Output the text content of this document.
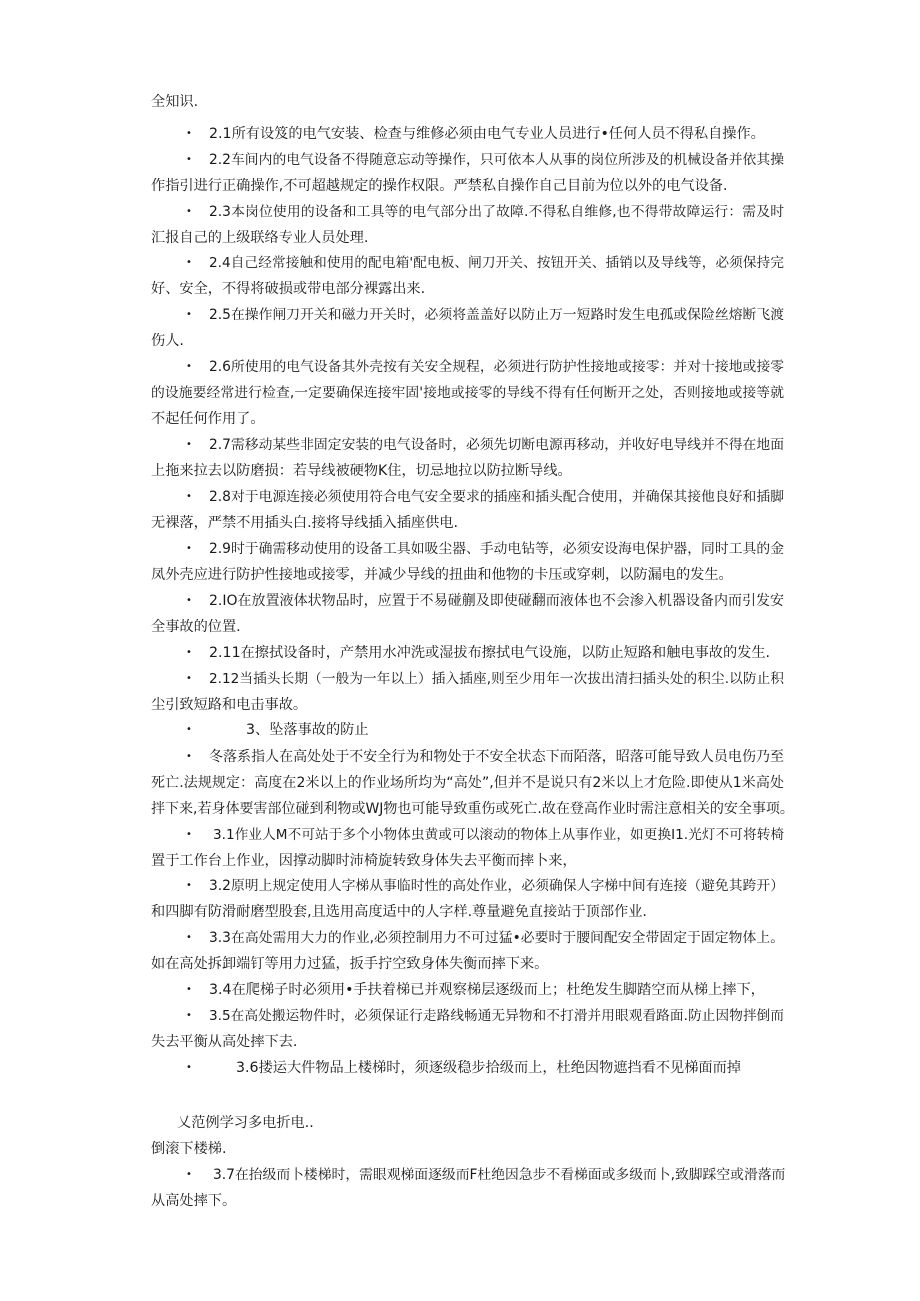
全知识.
• 2.1所有设笈的电气安装、检查与维修必须由电气专业人员进行•任何人员不得私自操作。
• 2.2车间内的电气设备不得随意忘动等操作，只可依本人从事的岗位所涉及的机械设备并依其操
作指引进行正确操作,不可超越规定的操作权限。严禁私自操作自己目前为位以外的电气设备.
• 2.3本岗位使用的设备和工具等的电气部分出了故障.不得私自维修,也不得带故障运行：需及时
汇报自己的上级联络专业人员处理.
• 2.4自己经常接触和使用的配电箱'配电板、闸刀开关、按钮开关、插销以及导线等，必须保持完
好、安全，不得将破损或带电部分裸露出来.
• 2.5在操作闸刀开关和磁力开关时，必须将盖盖好以防止万一短路时发生电孤或保险丝熔断飞渡
伤人.
• 2.6所使用的电气设备其外壳按有关安全规程，必须进行防护性接地或接零：并对十接地或接零
的设施要经常进行检查,一定要确保连接牢固'接地或接零的导线不得有任何断开之处，否则接地或接等就
不起任何作用了。
• 2.7需移动某些非固定安装的电气设备时，必须先切断电源再移动，并收好电导线并不得在地面
上拖来拉去以防磨损：若导线被硬物K住，切忌地拉以防拉断导线。
• 2.8对于电源连接必须使用符合电气安全要求的插座和插头配合使用，并确保其接他良好和插脚
无裸落，严禁不用插头白.接将导线插入插座供电.
• 2.9时于确需移动使用的设备工具如吸尘器、手动电钻等，必须安设海电保护器，同时工具的金
凤外壳应进行防护性接地或接零，并减少导线的扭曲和他物的卡压或穿刺，以防漏电的发生。
• 2.IO在放置液体状物品时，应置于不易碰蒯及即使碰翻而液体也不会渗入机器设备内而引发安
全事故的位置.
• 2.11在擦拭设备时，产禁用水冲洗或湿拔布擦拭电气设施，以防止短路和触电事故的发生.
• 2.12当插头长期（一般为一年以上）插入插座,则至少用年一次拔出清扫插头处的积尘.以防止积
尘引致短路和电击事故。
•	3、坠落事故的防止
• 冬落系指人在高处处于不安全行为和物处于不安全状态下而陌落，昭落可能导致人员电伤乃至
死亡.法规规定：高度在2米以上的作业场所均为“高处”,但并不是说只有2米以上才危险.即使从1米高处
拌下来,若身体要害部位碰到利物或WJ物也可能导致重伤或死亡.故在登高作业时需注意相关的安全事项。
• 3.1作业人M不可站于多个小物体虫黄或可以滚动的物体上从事作业，如更换I1.光灯不可将转椅
置于工作台上作业，因撑动脚时沛椅旋转致身体失去平衡而摔卜来，
• 3.2原明上规定使用人字梯从事临时性的高处作业，必须确保人字梯中间有连接（避免其跨开）
和四脚有防滑耐磨型股套,且选用高度适中的人字样.尊量避免直接站于顶部作业.
• 3.3在高处需用大力的作业,必须控制用力不可过猛•必要时于腰间配安全带固定于固定物体上。
如在高处拆卸端钉等用力过猛，扳手拧空致身体失衡而摔下来。
• 3.4在爬梯子时必须用•手扶着梯已并观察梯层逐级而上；杜绝发生脚踏空而从梯上摔下，
• 3.5在高处搬运物件时，必须保证行走路线畅通无异物和不打滑并用眼观看路面.防止因物拌倒而
失去平衡从高处摔下去.
•	3.6搂运大件物品上楼梯时，须逐级稳步拾级而上，杜绝因物遮挡看不见梯面而掉
乂范例学习多电折电..
倒滚下楼梯.
• 3.7在抬级而卜楼梯时，需眼观梯面逐级而F杜绝因急步不看梯面或多级而卜,致脚踩空或滑落而
从高处摔下。
